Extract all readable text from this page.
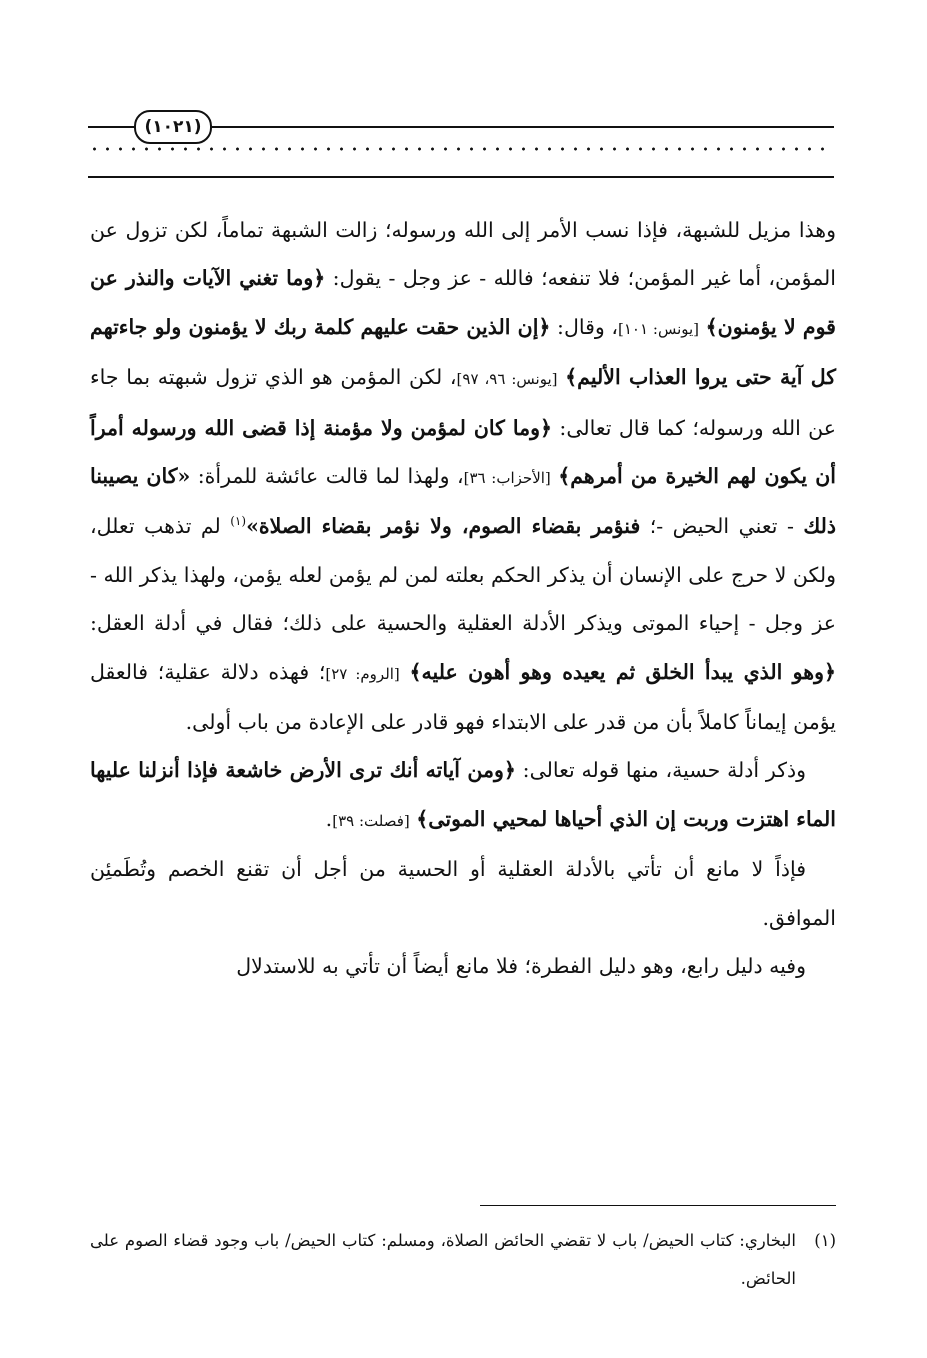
(١٠٢١)

وهذا مزيل للشبهة، فإذا نسب الأمر إلى الله ورسوله؛ زالت الشبهة تماماً، لكن تزول عن المؤمن، أما غير المؤمن؛ فلا تنفعه؛ فالله - عز وجل - يقول: ﴿وما تغني الآيات والنذر عن قوم لا يؤمنون﴾ [يونس: ١٠١]، وقال: ﴿إن الذين حقت عليهم كلمة ربك لا يؤمنون ولو جاءتهم كل آية حتى يروا العذاب الأليم﴾ [يونس: ٩٦، ٩٧]، لكن المؤمن هو الذي تزول شبهته بما جاء عن الله ورسوله؛ كما قال تعالى: ﴿وما كان لمؤمن ولا مؤمنة إذا قضى الله ورسوله أمراً أن يكون لهم الخيرة من أمرهم﴾ [الأحزاب: ٣٦]، ولهذا لما قالت عائشة للمرأة: «كان يصيبنا ذلك - تعني الحيض -؛ فنؤمر بقضاء الصوم، ولا نؤمر بقضاء الصلاة»$^{(١)}$ لم تذهب تعلل، ولكن لا حرج على الإنسان أن يذكر الحكم بعلته لمن لم يؤمن لعله يؤمن، ولهذا يذكر الله - عز وجل - إحياء الموتى ويذكر الأدلة العقلية والحسية على ذلك؛ فقال في أدلة العقل: ﴿وهو الذي يبدأ الخلق ثم يعيده وهو أهون عليه﴾ [الروم: ٢٧]؛ فهذه دلالة عقلية؛ فالعقل يؤمن إيماناً كاملاً بأن من قدر على الابتداء فهو قادر على الإعادة من باب أولى.

وذكر أدلة حسية، منها قوله تعالى: ﴿ومن آياته أنك ترى الأرض خاشعة فإذا أنزلنا عليها الماء اهتزت وربت إن الذي أحياها لمحيي الموتى﴾ [فصلت: ٣٩].

فإذاً لا مانع أن تأتي بالأدلة العقلية أو الحسية من أجل أن تقنع الخصم وتُطَمئِن الموافق.

وفيه دليل رابع، وهو دليل الفطرة؛ فلا مانع أيضاً أن تأتي به للاستدلال

(١)
البخاري: كتاب الحيض/ باب لا تقضي الحائض الصلاة، ومسلم: كتاب الحيض/ باب وجود قضاء الصوم على الحائض.
